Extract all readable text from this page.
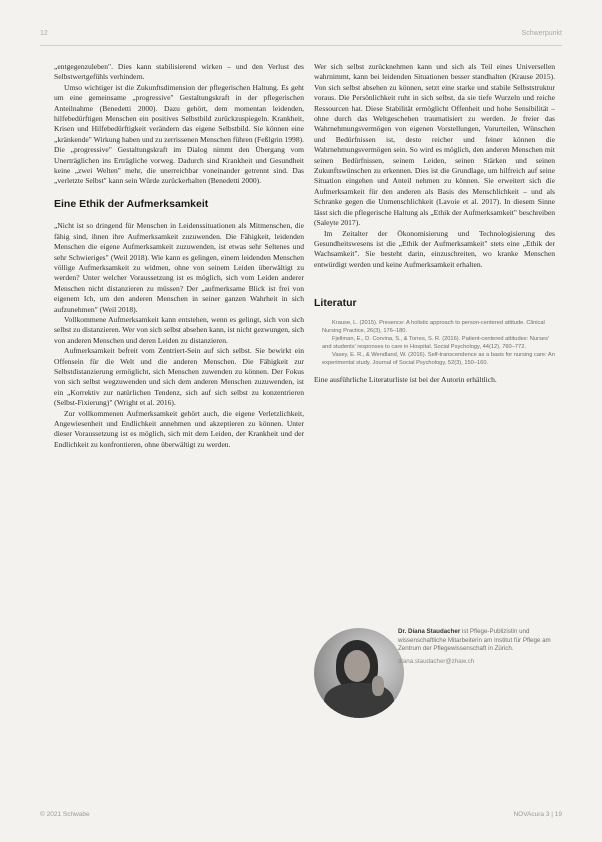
12	Schwerpunkt

„entgegenzuleben". Dies kann stabilisierend wirken – und den Verlust des Selbstwertgefühls verhindern.

Umso wichtiger ist die Zukunftsdimension der pflegerischen Haltung. Es geht um eine gemeinsame „progressive" Gestaltungskraft in der pflegerischen Anteilnahme (Benedetti 2000). Dazu gehört, dem momentan leidenden, hilfebedürftigen Menschen ein positives Selbstbild zurückzuspiegeln. Krankheit, Krisen und Hilfebedürftigkeit verändern das eigene Selbstbild. Sie können eine „kränkende" Wirkung haben und zu zerrissenen Menschen führen (Feßlgrin 1998). Die „progressive" Gestaltungskraft im Dialog nimmt den Übergang vom Unerträglichen ins Erträgliche vorweg. Dadurch sind Krankheit und Gesundheit keine „zwei Welten" mehr, die unerreichbar voneinander getrennt sind. Das „verletzte Selbst" kann sein Würde zurückerhalten (Benedetti 2000).

Eine Ethik der Aufmerksamkeit

„Nicht ist so dringend für Menschen in Leidenssituationen als Mitmenschen, die fähig sind, ihnen ihre Aufmerksamkeit zuzuwenden. Die Fähigkeit, leidenden Menschen die eigene Aufmerksamkeit zuzuwenden, ist etwas sehr Seltenes und sehr Schwieriges" (Weil 2018). Wie kann es gelingen, einem leidenden Menschen völlige Aufmerksamkeit zu widmen, ohne von seinem Leiden überwältigt zu werden? Unter welcher Voraussetzung ist es möglich, sich vom Leiden anderer Menschen nicht distanzieren zu müssen? Der „aufmerksame Blick ist frei von eigenem Ich, um den anderen Menschen in seiner ganzen Wahrheit in sich aufzunehmen" (Weil 2018).

Vollkommene Aufmerksamkeit kann entstehen, wenn es gelingt, sich von sich selbst zu distanzieren. Wer von sich selbst absehen kann, ist nicht gezwungen, sich von anderen Menschen und deren Leiden zu distanzieren.

Aufmerksamkeit befreit vom Zentriert-Sein auf sich selbst. Sie bewirkt ein Offensein für die Welt und die anderen Menschen. Die Fähigkeit zur Selbstdistanzierung ermöglicht, sich Menschen zuwenden zu können. Der Fokus von sich selbst wegzuwenden und sich dem anderen Menschen zuzuwenden, ist ein „Korrektiv zur natürlichen Tendenz, sich auf sich selbst zu konzentrieren (Selbst-Fixierung)" (Wright et al. 2016).

Zur vollkommenen Aufmerksamkeit gehört auch, die eigene Verletzlichkeit, Angewiesenheit und Endlichkeit annehmen und akzeptieren zu können. Unter dieser Voraussetzung ist es möglich, sich mit dem Leiden, der Krankheit und der Endlichkeit zu konfrontieren, ohne überwältigt zu werden.

Wer sich selbst zurücknehmen kann und sich als Teil eines Universellen wahrnimmt, kann bei leidenden Situationen besser standhalten (Krause 2015). Von sich selbst absehen zu können, setzt eine starke und stabile Selbststruktur voraus. Die Persönlichkeit ruht in sich selbst, da sie tiefe Wurzeln und reiche Ressourcen hat. Diese Stabilität ermöglicht Offenheit und hohe Sensibilität – ohne durch das Weltgeschehen traumatisiert zu werden. Je freier das Wahrnehmungsvermögen von eigenen Vorstellungen, Vorurteilen, Wünschen und Bedürfnissen ist, desto reicher und feiner können die Wahrnehmungsvermögen sein. So wird es möglich, den anderen Menschen mit seinen Bedürfnissen, seinem Leiden, seinen Stärken und seinen Zukunftswünschen zu erkennen. Dies ist die Grundlage, um hilfreich auf seine Situation eingehen und Anteil nehmen zu können. Sie erweitert sich die Aufmerksamkeit für den anderen als Basis des Menschlichkeit – und als Schranke gegen die Unmenschlichkeit (Lavoie et al. 2017). In diesem Sinne lässt sich die pflegerische Haltung als „Ethik der Aufmerksamkeit" beschreiben (Saleyte 2017).

Im Zeitalter der Ökonomisierung und Technologisierung des Gesundheitswesens ist die „Ethik der Aufmerksamkeit" stets eine „Ethik der Wachsamkeit". Sie besteht darin, einzuschreiten, wo kranke Menschen entwürdigt werden und keine Aufmerksamkeit erhalten.

Literatur

Krause, L. (2015). Presence: A holistic approach to person-centered attitude. Clinical Nursing Practice, 26(3), 176–180.

Fjellman, E., D. Corvina, S., & Torres, S. R. (2016). Patient-centered attitudes: Nurses' and students' responses to care in Hospital. Social Psychology, 44(12), 760–772.

Vasey, E. R., & Wendland, W. (2016). Self-transcendence as a basis for nursing care: An experimental study. Journal of Social Psychology, 52(3), 150–160.

Eine ausführliche Literaturliste ist bei der Autorin erhältlich.
Dr. Diana Staudacher ist Pflege-Publizistin und wissenschaftliche Mitarbeiterin am Institut für Pflege am Zentrum der Pflegewissenschaft in Zürich.
diana.staudacher@zhaw.ch
© 2021 Schwabe	NOVAcura 3 | 19
